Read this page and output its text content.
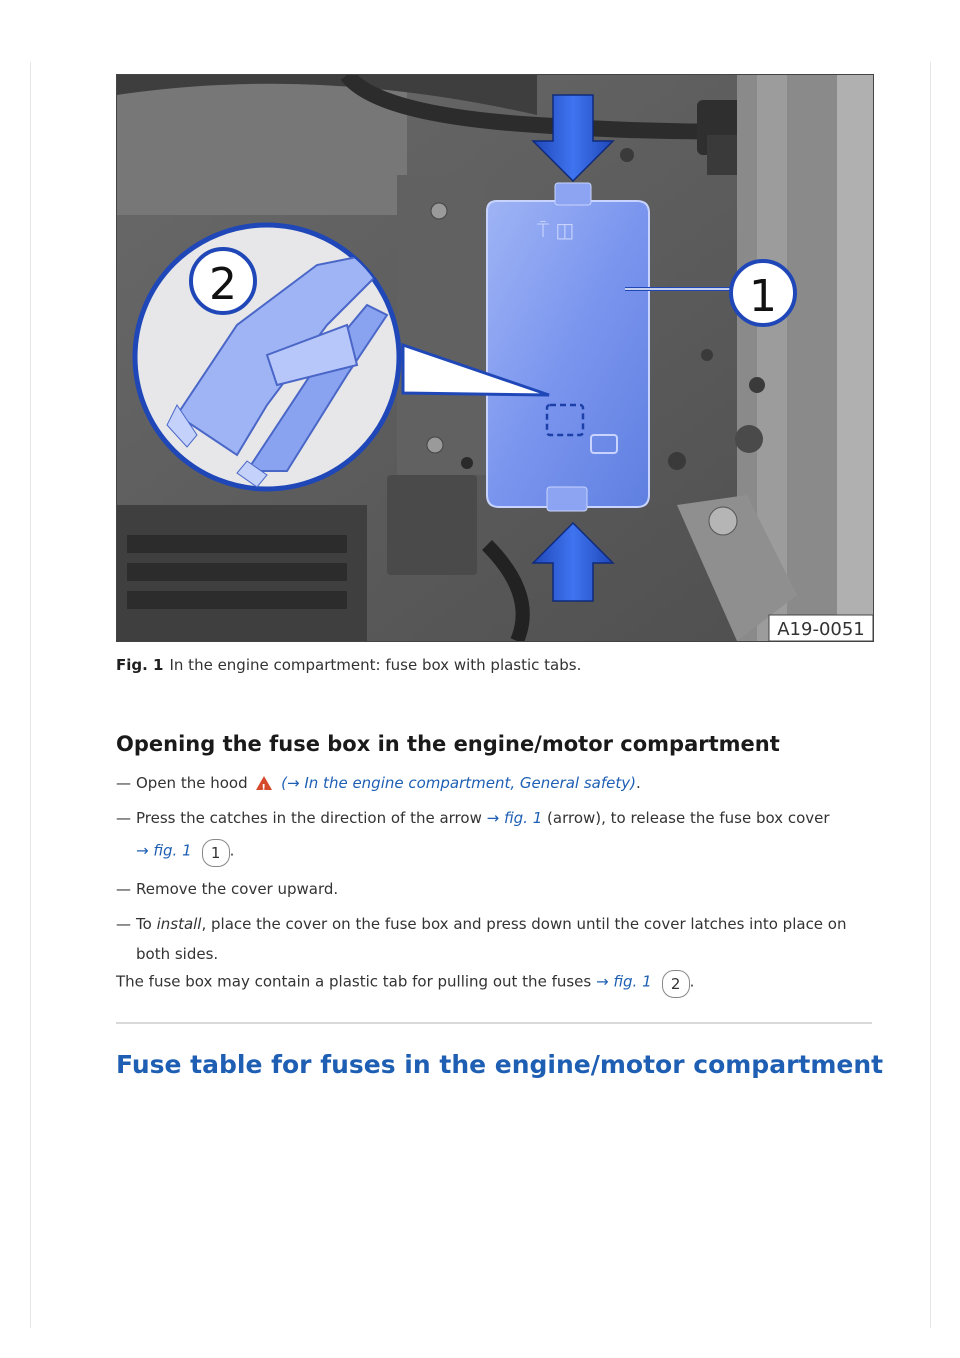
⍑ ◫
1
2
A19-0051
Fig. 1 In the engine compartment: fuse box with plastic tabs.
Opening the fuse box in the engine/motor compartment
— Open the hood ! (→ In the engine compartment, General safety).
— Press the catches in the direction of the arrow → fig. 1 (arrow), to release the fuse box cover
→ fig. 1 1 .
— Remove the cover upward.
— To install, place the cover on the fuse box and press down until the cover latches into place on
both sides.
The fuse box may contain a plastic tab for pulling out the fuses → fig. 1 2 .
Fuse table for fuses in the engine/motor compartment
